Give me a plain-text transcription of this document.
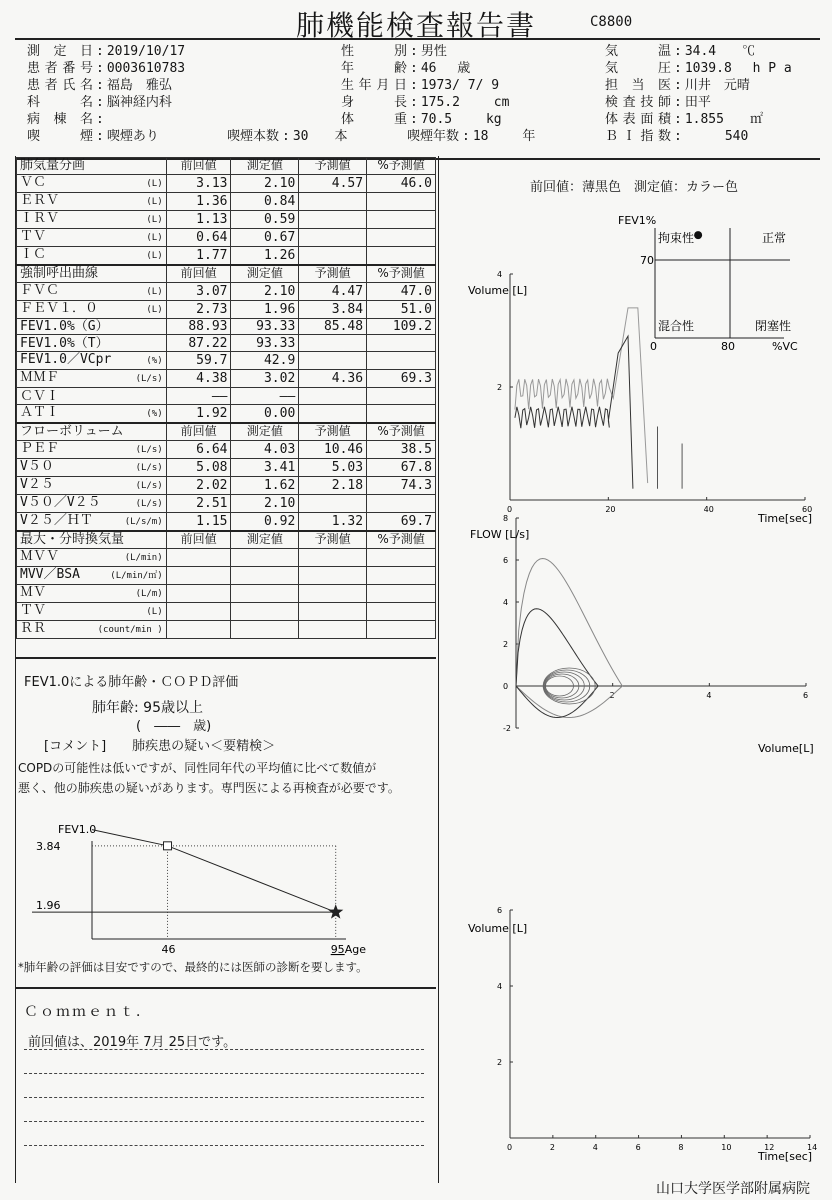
肺機能検査報告書	C8800
測定日 : 2019/10/17
患者番号 : 0003610783
患者氏名 : 福島　雅弘
科名 : 脳神経内科
病棟名 :
喫煙 : 喫煙あり
性別 : 男性
年齢 : 46　 歳
生年月日 : 1973/ 7/ 9
身長 : 175.2　　 cm
体重 : 70.5　　 kg
喫煙本数 : 30　　本	喫煙年数 : 18　　 年
気温 : 34.4　　℃
気圧 : 1039.8　 h P a
担当医 : 川井　元晴
検査技師 : 田平
体表面積 : 1.855　　㎡
ＢＩ指数 :	540
肺気量分画	前回値	測定値	予測値	%予測値
ＶＣ (L)	3.13	2.10	4.57	46.0
ＥＲＶ (L)	1.36	0.84		
ＩＲＶ (L)	1.13	0.59		
ＴＶ (L)	0.64	0.67		
ＩＣ (L)	1.77	1.26		
強制呼出曲線	前回値	測定値	予測値	%予測値
ＦＶＣ (L)	3.07	2.10	4.47	47.0
ＦＥＶ１．０ (L)	2.73	1.96	3.84	51.0
FEV1.0%（G）	88.93	93.33	85.48	109.2
FEV1.0%（T）	87.22	93.33		
FEV1.0／VCpr (%)	59.7	42.9		
ＭＭＦ (L/s)	4.38	3.02	4.36	69.3
ＣＶＩ	――	――		
ＡＴＩ (%)	1.92	0.00		
フローボリューム	前回値	測定値	予測値	%予測値
ＰＥＦ (L/s)	6.64	4.03	10.46	38.5
V̇５０ (L/s)	5.08	3.41	5.03	67.8
V̇２５ (L/s)	2.02	1.62	2.18	74.3
V̇５０／V̇２５ (L/s)	2.51	2.10		
V̇２５／ＨＴ (L/s/m)	1.15	0.92	1.32	69.7
最大・分時換気量	前回値	測定値	予測値	%予測値
ＭＶＶ (L/min)				

MVV／BSA (L/min/㎡)				

ＭＶ (L/m)				

ＴＶ (L)				

ＲＲ (count/min )				

FEV1.0による肺年齢・ＣＯＰＤ評価
肺年齢: 95歳以上
(　――　歳)
[コメント]　　肺疾患の疑い＜要精検＞
COPDの可能性は低いですが、同性同年代の平均値に比べて数値が
悪く、他の肺疾患の疑いがあります。専門医による再検査が必要です。
FEV1.0
3.84
1.96
46	95 Age
*肺年齢の評価は目安ですので、最終的には医師の診断を要します。
Ｃｏｍｍｅｎｔ．
前回値は、2019年 7月 25日です。
前回値：薄黒色　測定値：カラー色
FEV1%
拘束性	正常
混合性	閉塞性
70
0	80	%VC
0	20	40	60
2
4
Volume [L]
Time[sec]
2	4	6
-2
0
2
4
6
8
FLOW [L/s]
Volume[L]
0	2	4	6	8	10	12	14
2
4
6
Volume [L]
Time[sec]
山口大学医学部附属病院
